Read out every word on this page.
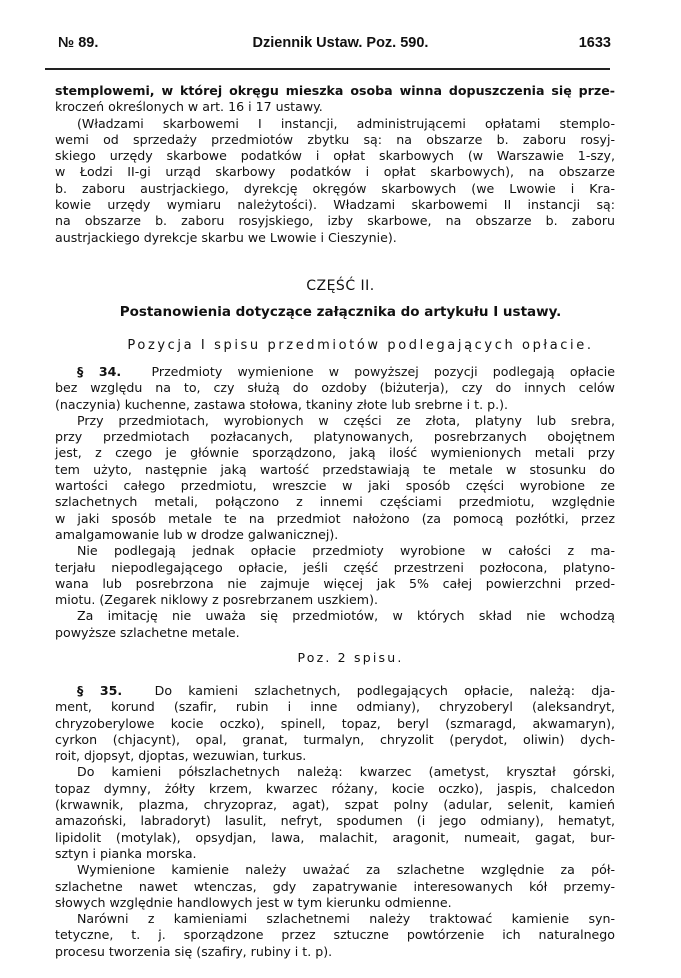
№ 89.	Dziennik Ustaw. Poz. 590.	1633
stemplowemi, w której okręgu mieszka osoba winna dopuszczenia się prze-
kroczeń określonych w art. 16 i 17 ustawy.
(Władzami skarbowemi I instancji, administrującemi opłatami stemplo-
wemi od sprzedaży przedmiotów zbytku są: na obszarze b. zaboru rosyj-
skiego urzędy skarbowe podatków i opłat skarbowych (w Warszawie 1-szy,
w Łodzi II-gi urząd skarbowy podatków i opłat skarbowych), na obszarze
b. zaboru austrjackiego, dyrekcję okręgów skarbowych (we Lwowie i Kra-
kowie urzędy wymiaru należytości). Władzami skarbowemi II instancji są:
na obszarze b. zaboru rosyjskiego, izby skarbowe, na obszarze b. zaboru
austrjackiego dyrekcje skarbu we Lwowie i Cieszynie).
CZĘŚĆ II.
Postanowienia dotyczące załącznika do artykułu I ustawy.
Pozycja I spisu przedmiotów podlegających opłacie.
§ 34. Przedmioty wymienione w powyższej pozycji podlegają opłacie
bez względu na to, czy służą do ozdoby (biżuterja), czy do innych celów
(naczynia) kuchenne, zastawa stołowa, tkaniny złote lub srebrne i t. p.).
Przy przedmiotach, wyrobionych w części ze złota, platyny lub srebra,
przy przedmiotach pozłacanych, platynowanych, posrebrzanych obojętnem
jest, z czego je głównie sporządzono, jaką ilość wymienionych metali przy
tem użyto, następnie jaką wartość przedstawiają te metale w stosunku do
wartości całego przedmiotu, wreszcie w jaki sposób części wyrobione ze
szlachetnych metali, połączono z innemi częściami przedmiotu, względnie
w jaki sposób metale te na przedmiot nałożono (za pomocą pozłótki, przez
amalgamowanie lub w drodze galwanicznej).
Nie podlegają jednak opłacie przedmioty wyrobione w całości z ma-
terjału niepodlegającego opłacie, jeśli część przestrzeni pozłocona, platyno-
wana lub posrebrzona nie zajmuje więcej jak 5% całej powierzchni przed-
miotu. (Zegarek niklowy z posrebrzanem uszkiem).
Za imitację nie uważa się przedmiotów, w których skład nie wchodzą
powyższe szlachetne metale.
Poz. 2 spisu.
§ 35.	Do kamieni szlachetnych, podlegających opłacie, należą: dja-
ment, korund (szafir, rubin i inne odmiany), chryzoberyl (aleksandryt,
chryzoberylowe kocie oczko), spinell, topaz, beryl (szmaragd, akwamaryn),
cyrkon (chjacynt), opal, granat, turmalyn, chryzolit (perydot, oliwin) dych-
roit, djopsyt, djoptas, wezuwian, turkus.
Do kamieni półszlachetnych należą: kwarzec (ametyst, kryształ górski,
topaz dymny, żółty krzem, kwarzec różany, kocie oczko), jaspis, chalcedon
(krwawnik, plazma, chryzopraz, agat), szpat polny (adular, selenit, kamień
amazoński, labradoryt) lasulit, nefryt, spodumen (i jego odmiany), hematyt,
lipidolit (motylak), opsydjan, lawa, malachit, aragonit, numeait, gagat, bur-
sztyn i pianka morska.
Wymienione kamienie należy uważać za szlachetne względnie za pół-
szlachetne nawet wtenczas, gdy zapatrywanie interesowanych kół przemy-
słowych względnie handlowych jest w tym kierunku odmienne.
Narówni z kamieniami szlachetnemi należy traktować kamienie syn-
tetyczne, t. j. sporządzone przez sztuczne powtórzenie ich naturalnego
procesu tworzenia się (szafiry, rubiny i t. p).
